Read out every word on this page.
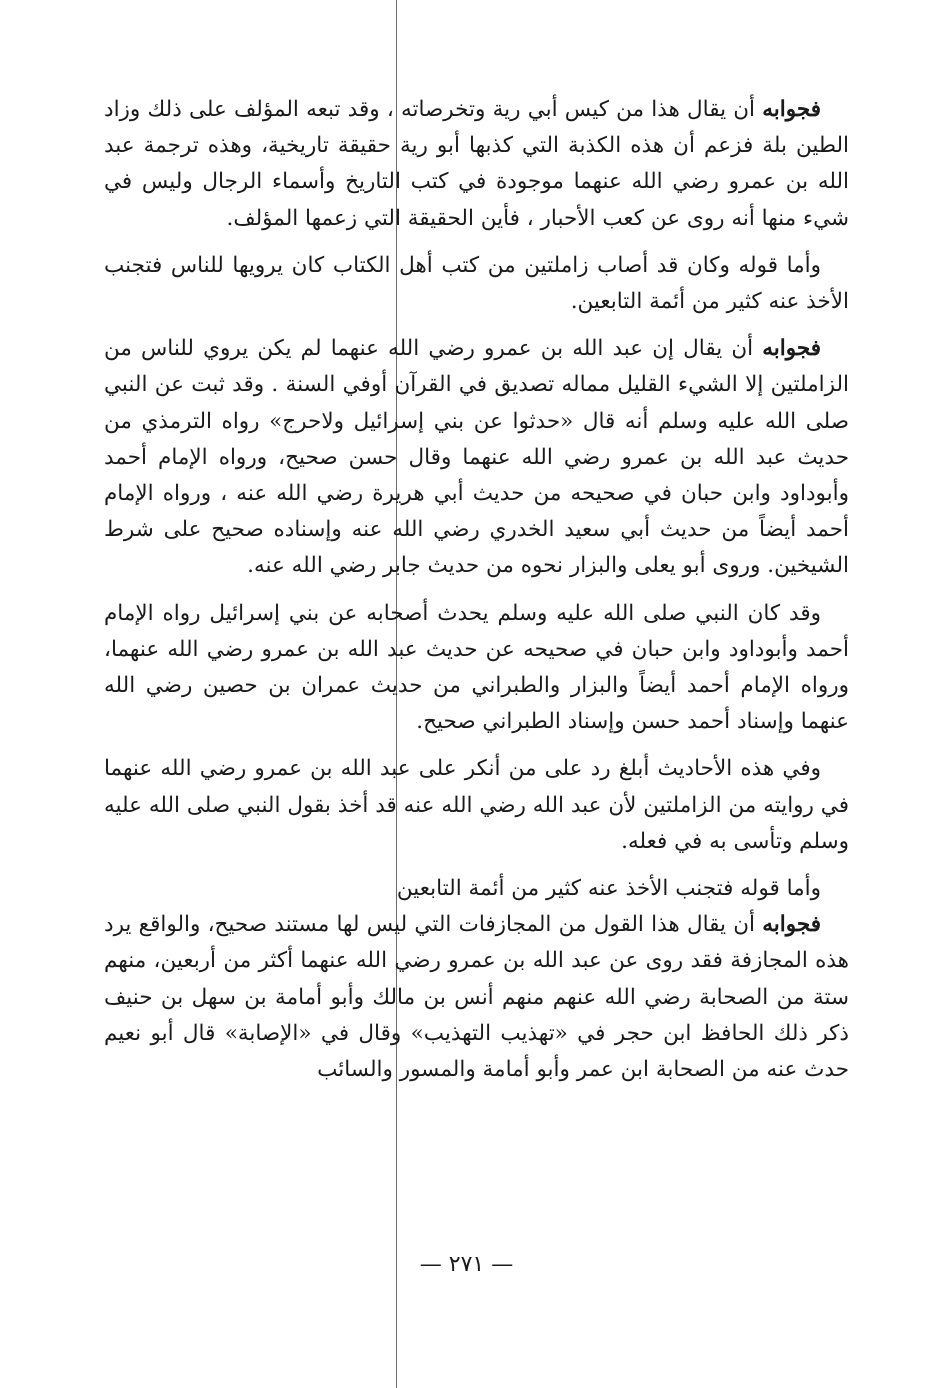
فجوابه أن يقال هذا من كيس أبي رية وتخرصاته ، وقد تبعه المؤلف على ذلك وزاد الطين بلة فزعم أن هذه الكذبة التي كذبها أبو رية حقيقة تاريخية، وهذه ترجمة عبد الله بن عمرو رضي الله عنهما موجودة في كتب التاريخ وأسماء الرجال وليس في شيء منها أنه روى عن كعب الأحبار ، فأين الحقيقة التي زعمها المؤلف.

وأما قوله وكان قد أصاب زاملتين من كتب أهل الكتاب كان يرويها للناس فتجنب الأخذ عنه كثير من أئمة التابعين.

فجوابه أن يقال إن عبد الله بن عمرو رضي الله عنهما لم يكن يروي للناس من الزاملتين إلا الشيء القليل مماله تصديق في القرآن أوفي السنة . وقد ثبت عن النبي صلى الله عليه وسلم أنه قال «حدثوا عن بني إسرائيل ولاحرج» رواه الترمذي من حديث عبد الله بن عمرو رضي الله عنهما وقال حسن صحيح، ورواه الإمام أحمد وأبوداود وابن حبان في صحيحه من حديث أبي هريرة رضي الله عنه ، ورواه الإمام أحمد أيضاً من حديث أبي سعيد الخدري رضي الله عنه وإسناده صحيح على شرط الشيخين. وروى أبو يعلى والبزار نحوه من حديث جابر رضي الله عنه.

وقد كان النبي صلى الله عليه وسلم يحدث أصحابه عن بني إسرائيل رواه الإمام أحمد وأبوداود وابن حبان في صحيحه عن حديث عبد الله بن عمرو رضي الله عنهما، ورواه الإمام أحمد أيضاً والبزار والطبراني من حديث عمران بن حصين رضي الله عنهما وإسناد أحمد حسن وإسناد الطبراني صحيح.

وفي هذه الأحاديث أبلغ رد على من أنكر على عبد الله بن عمرو رضي الله عنهما في روايته من الزاملتين لأن عبد الله رضي الله عنه قد أخذ بقول النبي صلى الله عليه وسلم وتأسى به في فعله.

وأما قوله فتجنب الأخذ عنه كثير من أئمة التابعين

فجوابه أن يقال هذا القول من المجازفات التي ليس لها مستند صحيح، والواقع يرد هذه المجازفة فقد روى عن عبد الله بن عمرو رضي الله عنهما أكثر من أربعين، منهم ستة من الصحابة رضي الله عنهم منهم أنس بن مالك وأبو أمامة بن سهل بن حنيف ذكر ذلك الحافظ ابن حجر في «تهذيب التهذيب» وقال في «الإصابة» قال أبو نعيم حدث عنه من الصحابة ابن عمر وأبو أمامة والمسور والسائب

— ٢٧١ —
